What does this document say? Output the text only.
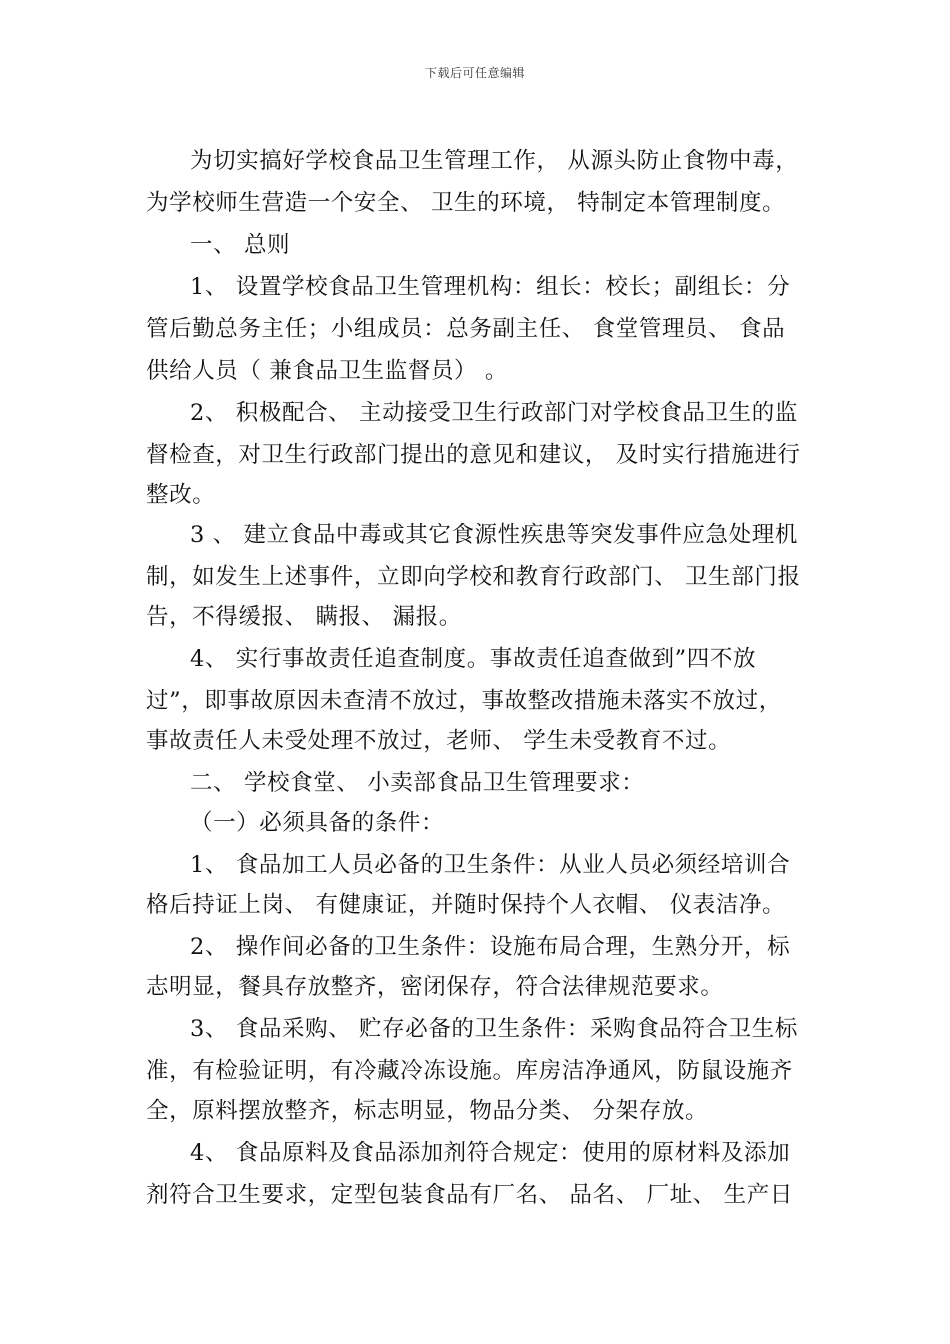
下载后可任意编辑
为切实搞好学校食品卫生管理工作， 从源头防止食物中毒，
为学校师生营造一个安全、 卫生的环境， 特制定本管理制度。
一、 总则
1、 设置学校食品卫生管理机构：组长：校长；副组长：分
管后勤总务主任；小组成员：总务副主任、 食堂管理员、 食品
供给人员（ 兼食品卫生监督员） 。
2、 积极配合、 主动接受卫生行政部门对学校食品卫生的监
督检查，对卫生行政部门提出的意见和建议， 及时实行措施进行
整改。
3 、 建立食品中毒或其它食源性疾患等突发事件应急处理机
制，如发生上述事件，立即向学校和教育行政部门、 卫生部门报
告，不得缓报、 瞒报、 漏报。
4、 实行事故责任追查制度。事故责任追查做到”四不放
过”，即事故原因未查清不放过，事故整改措施未落实不放过，
事故责任人未受处理不放过，老师、 学生未受教育不过。
二、 学校食堂、 小卖部食品卫生管理要求：
（一）必须具备的条件：
1、 食品加工人员必备的卫生条件：从业人员必须经培训合
格后持证上岗、 有健康证，并随时保持个人衣帽、 仪表洁净。
2、 操作间必备的卫生条件：设施布局合理，生熟分开，标
志明显，餐具存放整齐，密闭保存，符合法律规范要求。
3、 食品采购、 贮存必备的卫生条件：采购食品符合卫生标
准，有检验证明，有冷藏冷冻设施。库房洁净通风，防鼠设施齐
全，原料摆放整齐，标志明显，物品分类、 分架存放。
4、 食品原料及食品添加剂符合规定：使用的原材料及添加
剂符合卫生要求，定型包装食品有厂名、 品名、 厂址、 生产日
